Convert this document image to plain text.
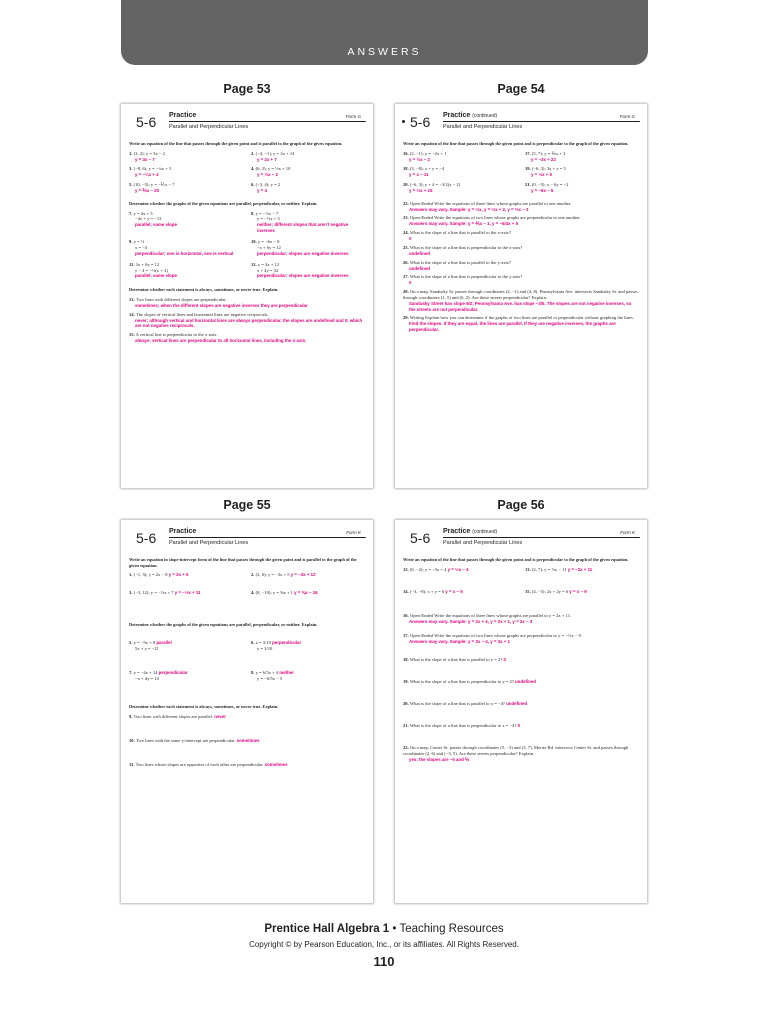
ANSWERS
Page 53	Page 54
Page 55	Page 56
5-6 Practice
Parallel and Perpendicular Lines
Form G
Write an equation of the line that passes through the given point and is parallel to the graph of the given equation.
1. (3, 2); y = 3x − 2
y = 3x − 7
2. (−4, −1); y = 2x + 14
y = 2x + 7
3. (−8, 6); y = −¼x + 5
y = −¼x + 4
4. (6, 2); y = ½x + 10
y = ½x − 2
5. (10, −5); y = −⅖x − 7
y = ⅖x − 20
6. (−3, 4); y = 2
y = 4
Determine whether the graphs of the given equations are parallel, perpendicular, or neither. Explain.
7. y = 4x + 5
−4x + y = −13
parallel; same slope
8. y = −⅓x − 7
y = −⅓x + 3
neither; different slopes that aren't negative inverses
9. y = ½
x = −4
perpendicular; one is horizontal, one is vertical
10. y = −6x − 8
−x + 6y = 12
perpendicular; slopes are negative inverses
11. 3x + 6y = 12
y − 4 = −½(x + 2)
parallel; same slope
12. y = 4x + 12
x + 4y = 32
perpendicular; slopes are negative inverses
Determine whether each statement is always, sometimes, or never true. Explain.
13. Two lines with different slopes are perpendicular.
sometimes; when the different slopes are negative inverses they are perpendicular
14. The slopes of vertical lines and horizontal lines are negative reciprocals.
never; although vertical and horizontal lines are always perpendicular, the slopes are undefined and 0, which are not negative reciprocals.
15. A vertical line is perpendicular to the x-axis.
always; vertical lines are perpendicular to all horizontal lines, including the x-axis.
5-6 Practice (continued)
Parallel and Perpendicular Lines
Form G
Write an equation of the line that passes through the given point and is perpendicular to the graph of the given equation.
16. (2, −1); y = −2x + 1
y = ½x − 2
17. (5, 7); y = ⅙x + 2
y = −3x + 22
18. (3, −8); x + y = −4
y = x − 11
19. (−6, 3); 3x + y = 5
y = ⅓x + 5
20. (−6, 3); y + 4 = −3/2(x − 2)
y = ⅔x + 15
21. (0, −5); x − 6y = −2
y = −6x − 5
22. Open-Ended Write the equations of three lines whose graphs are parallel to one another.
Answers may vary. Sample: y = ⅔x, y = ⅔x + 2, y = ⅔x − 3
23. Open-Ended Write the equations of two lines whose graphs are perpendicular to one another.
Answers may vary. Sample: y = ⅘x − 1, y = −5/4x + 5
24. What is the slope of a line that is parallel to the x-axis?
0
25. What is the slope of a line that is perpendicular to the x-axis?
undefined
26. What is the slope of a line that is parallel to the y-axis?
undefined
27. What is the slope of a line that is perpendicular to the y-axis?
0
28. On a map, Sandusky St. passes through coordinates (2, −1) and (4, 8). Pennsylvania Ave. intersects Sandusky St. and passes through coordinates (1, 5) and (6, 2). Are these streets perpendicular? Explain.
Sandusky Street has slope 9/2; Pennsylvania Ave. has slope −3/5. The slopes are not negative inverses, so the streets are not perpendicular.
29. Writing Explain how you can determine if the graphs of two lines are parallel or perpendicular without graphing the lines.
Find the slopes. If they are equal, the lines are parallel. If they are negative inverses, the graphs are perpendicular.
5-6 Practice
Parallel and Perpendicular Lines
Form K
Write an equation in slope-intercept form of the line that passes through the given point and is parallel to the graph of the given equation.
1. (−1, 3); y = 2x − 8 y = 2x + 5	2. (2, 6); y = −3x + 5 y = −3x + 12
3. (−3, 12); y = −⅓x + 7 y = −⅓x + 11	4. (8, −10); y = ⅝x + 1 y = ⅝x − 16
Determine whether the graphs of the given equations are parallel, perpendicular, or neither. Explain.
5. y = −5x + 9 parallel
5x + y = −21
6. x = 3/10 perpendicular
y = 3/10
7. y = −4x + 14 perpendicular
−x + 4y = 14
8. y = 6/5x + 4 neither
y = −6/5x − 5
Determine whether each statement is always, sometimes, or never true. Explain.
9. Two lines with different slopes are parallel. never
10. Two lines with the same y-intercept are perpendicular. sometimes
11. Two lines whose slopes are opposites of each other are perpendicular. sometimes
5-6 Practice (continued)
Parallel and Perpendicular Lines
Form K
Write an equation of the line that passes through the given point and is perpendicular to the graph of the given equation.
12. (6, −2); y = −3x + 4 y = ⅓x − 4	13. (2, 7); y = ½x − 11 y = −2x + 11
14. (−3, −8); x + y = 6 y = x − 5	15. (4, −5); 2x + 2y = 6 y = x − 9
16. Open-Ended Write the equations of three lines whose graphs are parallel to y = 2x + 11.
Answers may vary. Sample: y = 2x + 4, y = 2x + 1, y = 2x − 3
17. Open-Ended Write the equations of two lines whose graphs are perpendicular to y = −⅓x − 9.
Answers may vary. Sample: y = 3x − 4, y = 3x + 1
18. What is the slope of a line that is parallel to y = 2? 0
19. What is the slope of a line that is perpendicular to y = 2? undefined
20. What is the slope of a line that is parallel to x = −4? undefined
21. What is the slope of a line that is perpendicular to x = −4? 0
22. On a map, Center St. passes through coordinates (5, −3) and (3, 7). Merrie Rd. intersects Center St. and passes through coordinates (2, 6) and (−3, 5). Are these streets perpendicular? Explain.
yes; the slopes are −5 and ⅕
Prentice Hall Algebra 1 • Teaching Resources
Copyright © by Pearson Education, Inc., or its affiliates. All Rights Reserved.
110
